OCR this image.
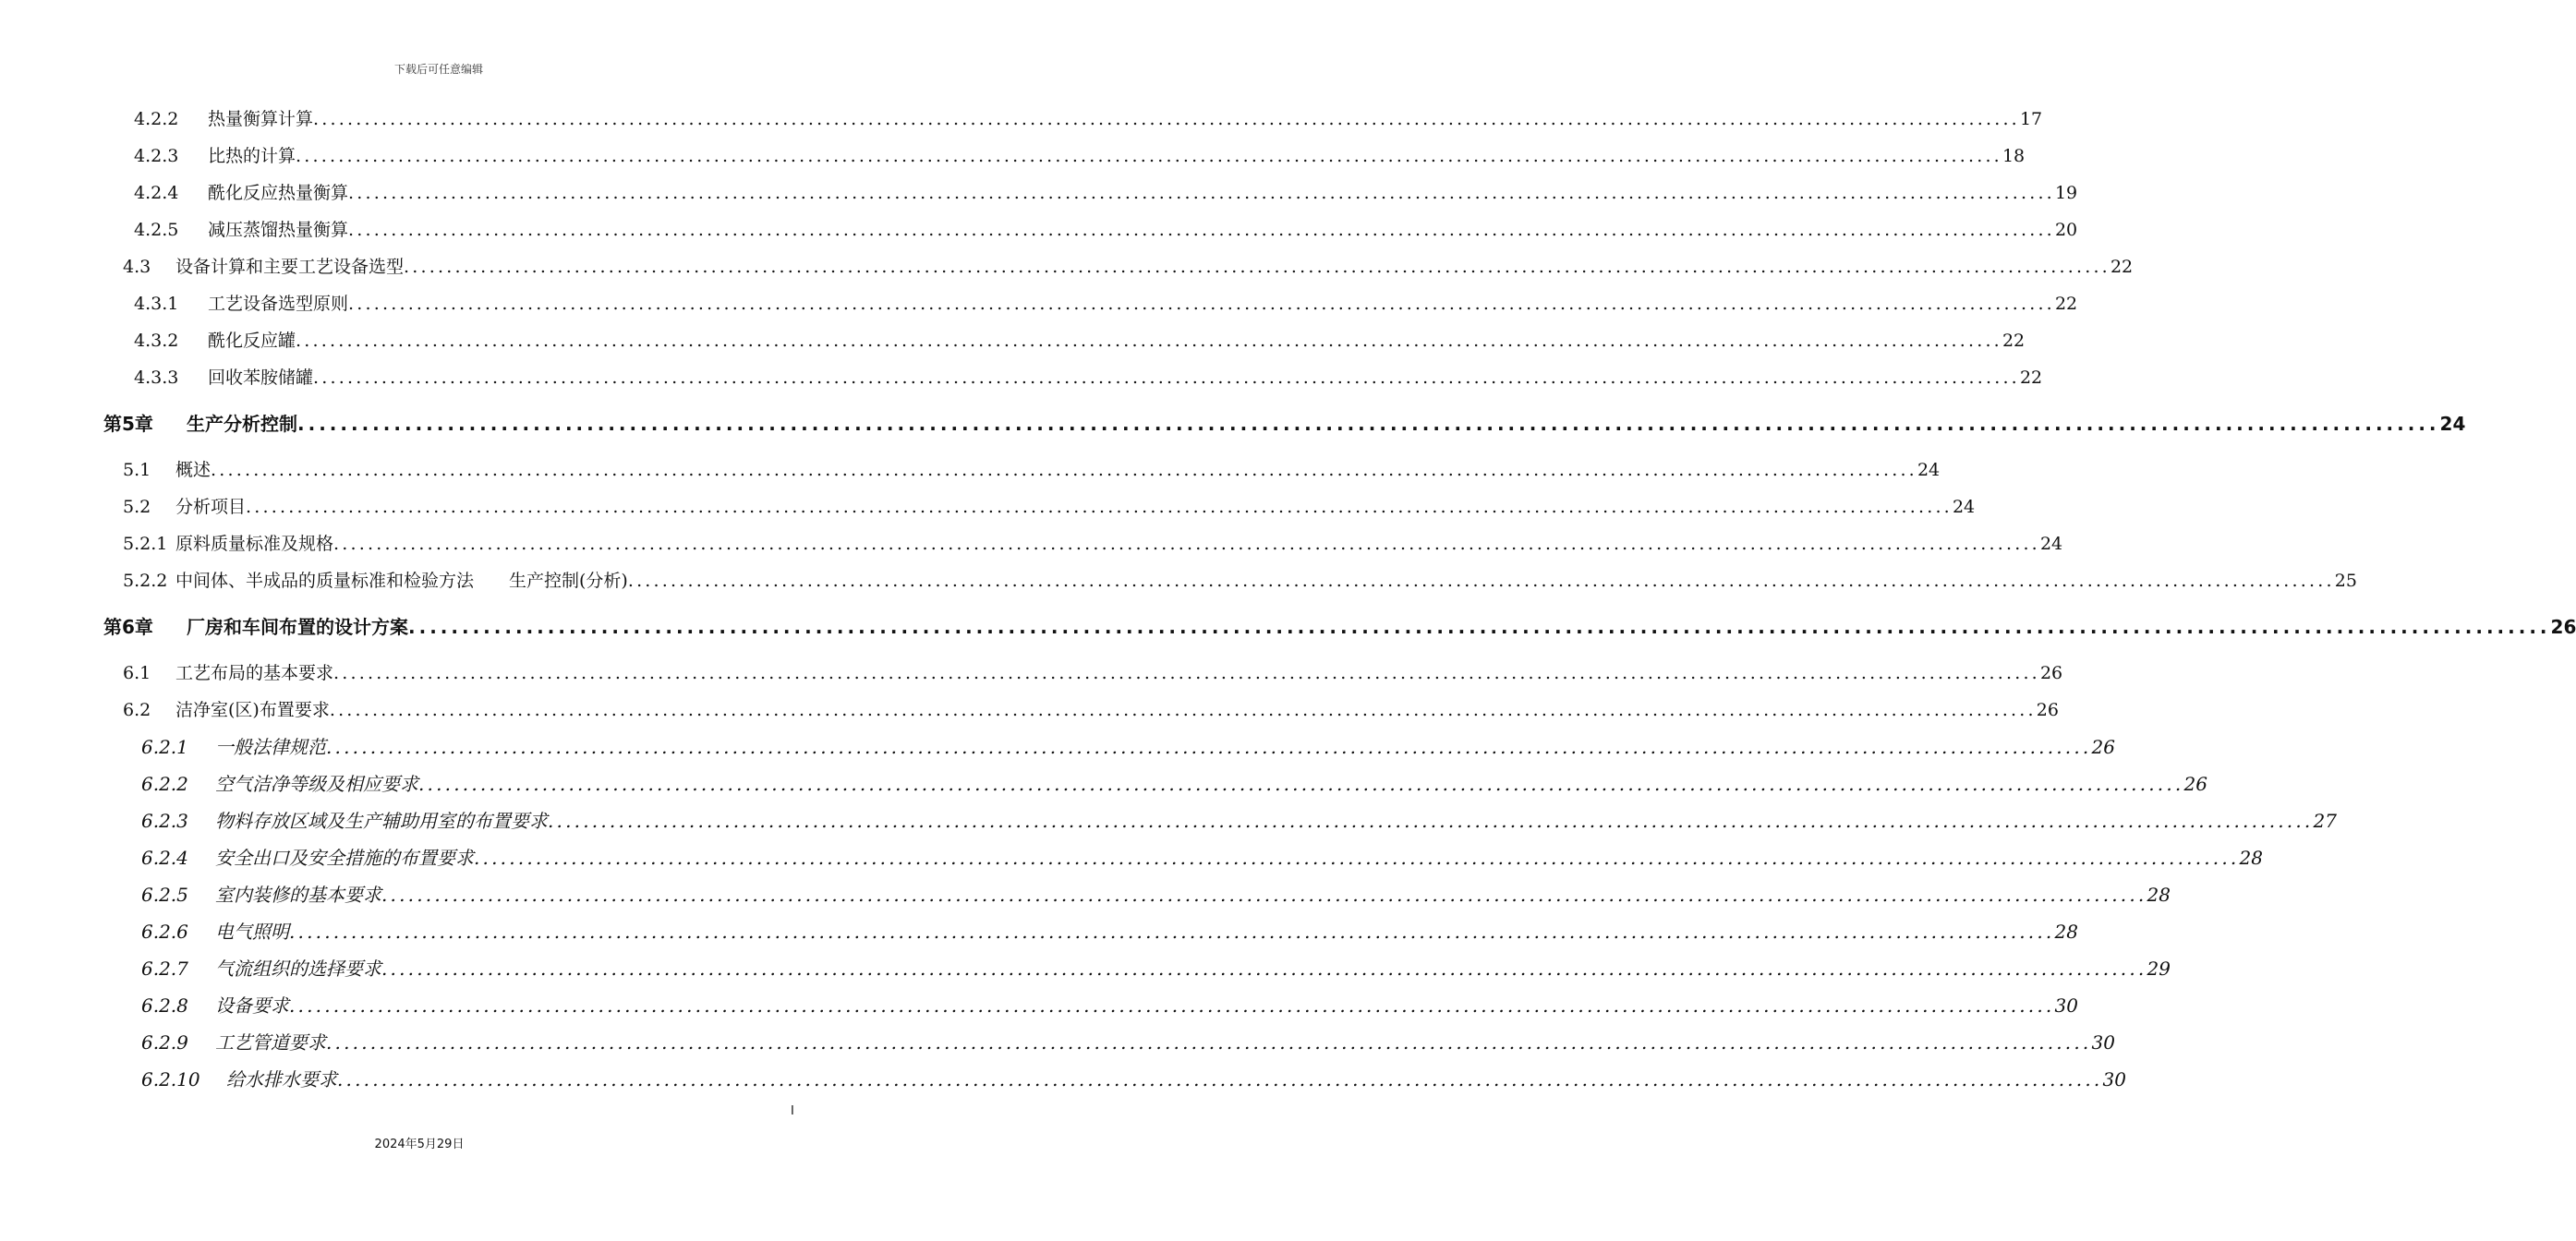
下载后可任意编辑
4.2.2	热量衡算计算 ........................................................................................................................................................................................................ 17
4.2.3	比热的计算 ........................................................................................................................................................................................................ 18
4.2.4	酰化反应热量衡算 ........................................................................................................................................................................................................ 19
4.2.5	减压蒸馏热量衡算 ........................................................................................................................................................................................................ 20
4.3	设备计算和主要工艺设备选型 ........................................................................................................................................................................................................ 22
4.3.1	工艺设备选型原则 ........................................................................................................................................................................................................ 22
4.3.2	酰化反应罐 ........................................................................................................................................................................................................ 22
4.3.3	回收苯胺储罐 ........................................................................................................................................................................................................ 22
第5章	生产分析控制 ........................................................................................................................................................................................................ 24
5.1	概述 ........................................................................................................................................................................................................ 24
5.2	分析项目 ........................................................................................................................................................................................................ 24
5.2.1 原料质量标准及规格 ........................................................................................................................................................................................................ 24
5.2.2 中间体、半成品的质量标准和检验方法　　生产控制(分析) ........................................................................................................................................................................................................ 25
第6章	厂房和车间布置的设计方案 ........................................................................................................................................................................................................ 26
6.1	工艺布局的基本要求 ........................................................................................................................................................................................................ 26
6.2	洁净室(区)布置要求 ........................................................................................................................................................................................................ 26
6.2.1	一般法律规范 ........................................................................................................................................................................................................ 26
6.2.2	空气洁净等级及相应要求 ........................................................................................................................................................................................................ 26
6.2.3	物料存放区域及生产辅助用室的布置要求 ........................................................................................................................................................................................................ 27
6.2.4	安全出口及安全措施的布置要求 ........................................................................................................................................................................................................ 28
6.2.5	室内装修的基本要求 ........................................................................................................................................................................................................ 28
6.2.6	电气照明 ........................................................................................................................................................................................................ 28
6.2.7	气流组织的选择要求 ........................................................................................................................................................................................................ 29
6.2.8	设备要求 ........................................................................................................................................................................................................ 30
6.2.9	工艺管道要求 ........................................................................................................................................................................................................ 30
6.2.10	给水排水要求 ........................................................................................................................................................................................................ 30
I
2024年5月29日
